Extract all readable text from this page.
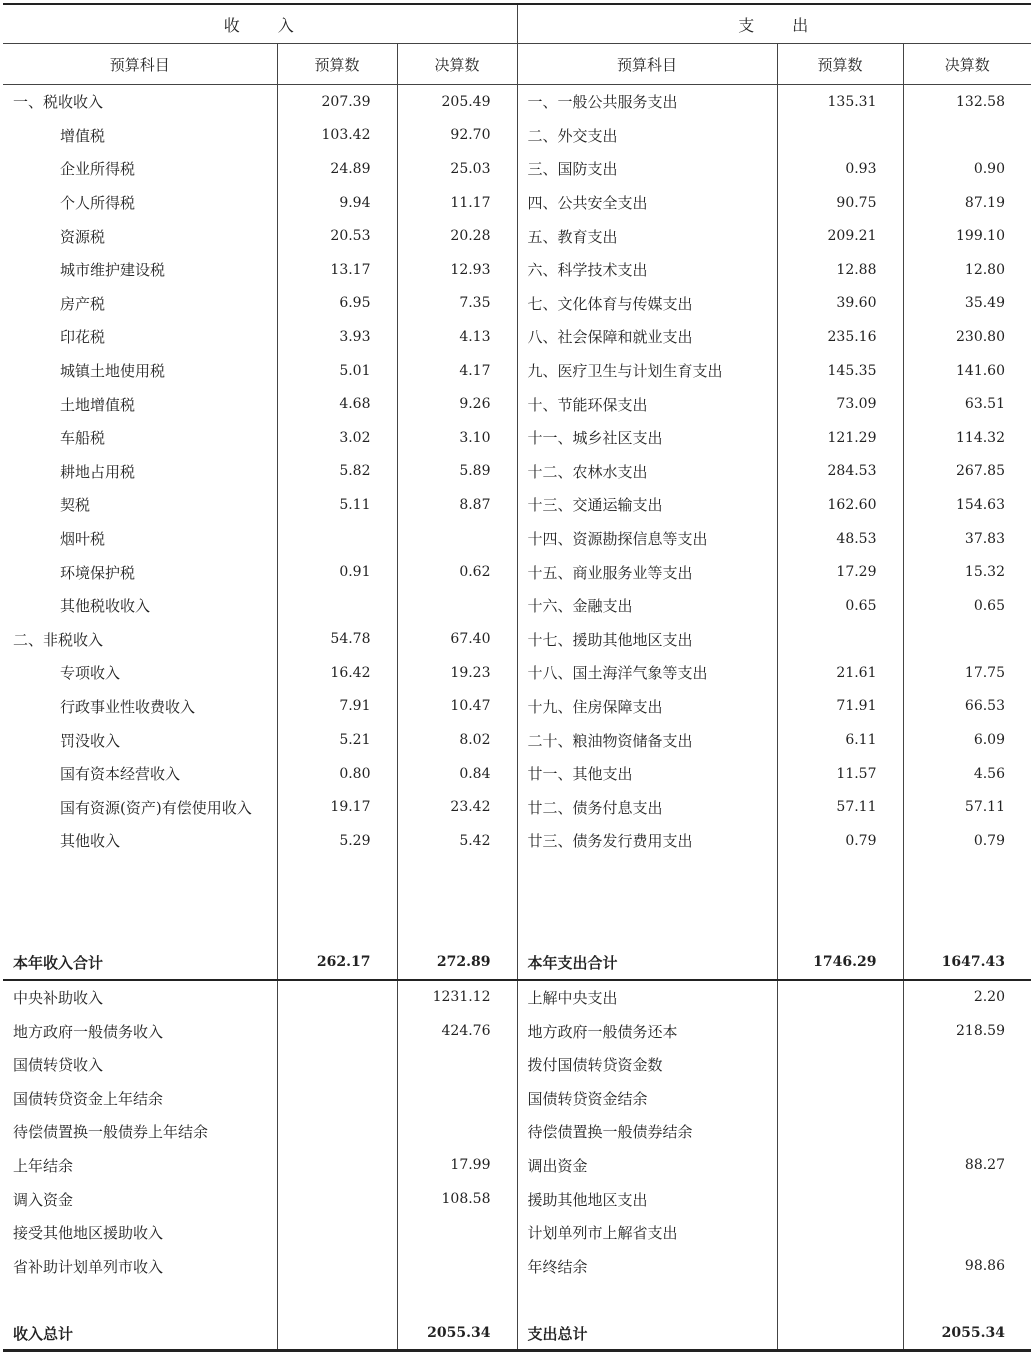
收　　入			支　　出		
预算科目	预算数	决算数	预算科目	预算数	决算数
一、税收收入	207.39	205.49	一、一般公共服务支出	135.31	132.58
增值税	103.42	92.70	二、外交支出		
企业所得税	24.89	25.03	三、国防支出	0.93	0.90
个人所得税	9.94	11.17	四、公共安全支出	90.75	87.19
资源税	20.53	20.28	五、教育支出	209.21	199.10
城市维护建设税	13.17	12.93	六、科学技术支出	12.88	12.80
房产税	6.95	7.35	七、文化体育与传媒支出	39.60	35.49
印花税	3.93	4.13	八、社会保障和就业支出	235.16	230.80
城镇土地使用税	5.01	4.17	九、医疗卫生与计划生育支出	145.35	141.60
土地增值税	4.68	9.26	十、节能环保支出	73.09	63.51
车船税	3.02	3.10	十一、城乡社区支出	121.29	114.32
耕地占用税	5.82	5.89	十二、农林水支出	284.53	267.85
契税	5.11	8.87	十三、交通运输支出	162.60	154.63
烟叶税			十四、资源勘探信息等支出	48.53	37.83
环境保护税	0.91	0.62	十五、商业服务业等支出	17.29	15.32
其他税收收入			十六、金融支出	0.65	0.65
二、非税收入	54.78	67.40	十七、援助其他地区支出		
专项收入	16.42	19.23	十八、国土海洋气象等支出	21.61	17.75
行政事业性收费收入	7.91	10.47	十九、住房保障支出	71.91	66.53
罚没收入	5.21	8.02	二十、粮油物资储备支出	6.11	6.09
国有资本经营收入	0.80	0.84	廿一、其他支出	11.57	4.56
国有资源(资产)有偿使用收入	19.17	23.42	廿二、债务付息支出	57.11	57.11
其他收入	5.29	5.42	廿三、债务发行费用支出	0.79	0.79

本年收入合计	262.17	272.89	本年支出合计	1746.29	1647.43
中央补助收入		1231.12	上解中央支出		2.20
地方政府一般债务收入		424.76	地方政府一般债务还本		218.59
国债转贷收入			拨付国债转贷资金数		
国债转贷资金上年结余			国债转贷资金结余		
待偿债置换一般债券上年结余			待偿债置换一般债券结余		
上年结余		17.99	调出资金		88.27
调入资金		108.58	援助其他地区支出		
接受其他地区援助收入			计划单列市上解省支出		
省补助计划单列市收入			年终结余		98.86

收入总计		2055.34	支出总计		2055.34
